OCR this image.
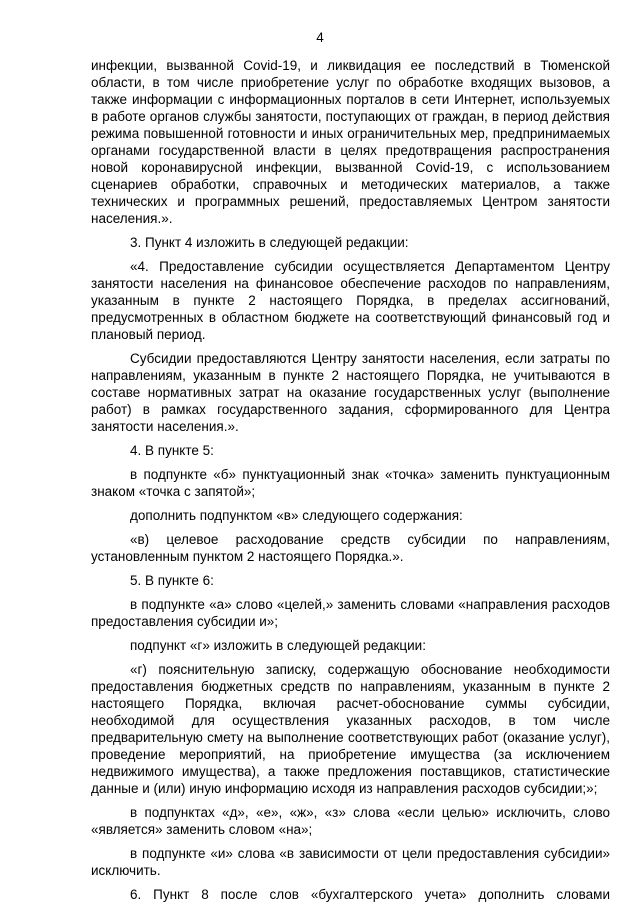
4

инфекции, вызванной Covid-19, и ликвидация ее последствий в Тюменской области, в том числе приобретение услуг по обработке входящих вызовов, а также информации с информационных порталов в сети Интернет, используемых в работе органов службы занятости, поступающих от граждан, в период действия режима повышенной готовности и иных ограничительных мер, предпринимаемых органами государственной власти в целях предотвращения распространения новой коронавирусной инфекции, вызванной Covid-19, с использованием сценариев обработки, справочных и методических материалов, а также технических и программных решений, предоставляемых Центром занятости населения.».

3. Пункт 4 изложить в следующей редакции:

«4. Предоставление субсидии осуществляется Департаментом Центру занятости населения на финансовое обеспечение расходов по направлениям, указанным в пункте 2 настоящего Порядка, в пределах ассигнований, предусмотренных в областном бюджете на соответствующий финансовый год и плановый период.

Субсидии предоставляются Центру занятости населения, если затраты по направлениям, указанным в пункте 2 настоящего Порядка, не учитываются в составе нормативных затрат на оказание государственных услуг (выполнение работ) в рамках государственного задания, сформированного для Центра занятости населения.».

4. В пункте 5:

в подпункте «б» пунктуационный знак «точка» заменить пунктуационным знаком «точка с запятой»;

дополнить подпунктом «в» следующего содержания:

«в) целевое расходование средств субсидии по направлениям, установленным пунктом 2 настоящего Порядка.».

5. В пункте 6:

в подпункте «а» слово «целей,» заменить словами «направления расходов предоставления субсидии и»;

подпункт «г» изложить в следующей редакции:

«г) пояснительную записку, содержащую обоснование необходимости предоставления бюджетных средств по направлениям, указанным в пункте 2 настоящего Порядка, включая расчет-обоснование суммы субсидии, необходимой для осуществления указанных расходов, в том числе предварительную смету на выполнение соответствующих работ (оказание услуг), проведение мероприятий, на приобретение имущества (за исключением недвижимого имущества), а также предложения поставщиков, статистические данные и (или) иную информацию исходя из направления расходов субсидии;»;

в подпунктах «д», «е», «ж», «з» слова «если целью» исключить, слово «является» заменить словом «на»;

в подпункте «и» слова «в зависимости от цели предоставления субсидии» исключить.

6. Пункт 8 после слов «бухгалтерского учета» дополнить словами
